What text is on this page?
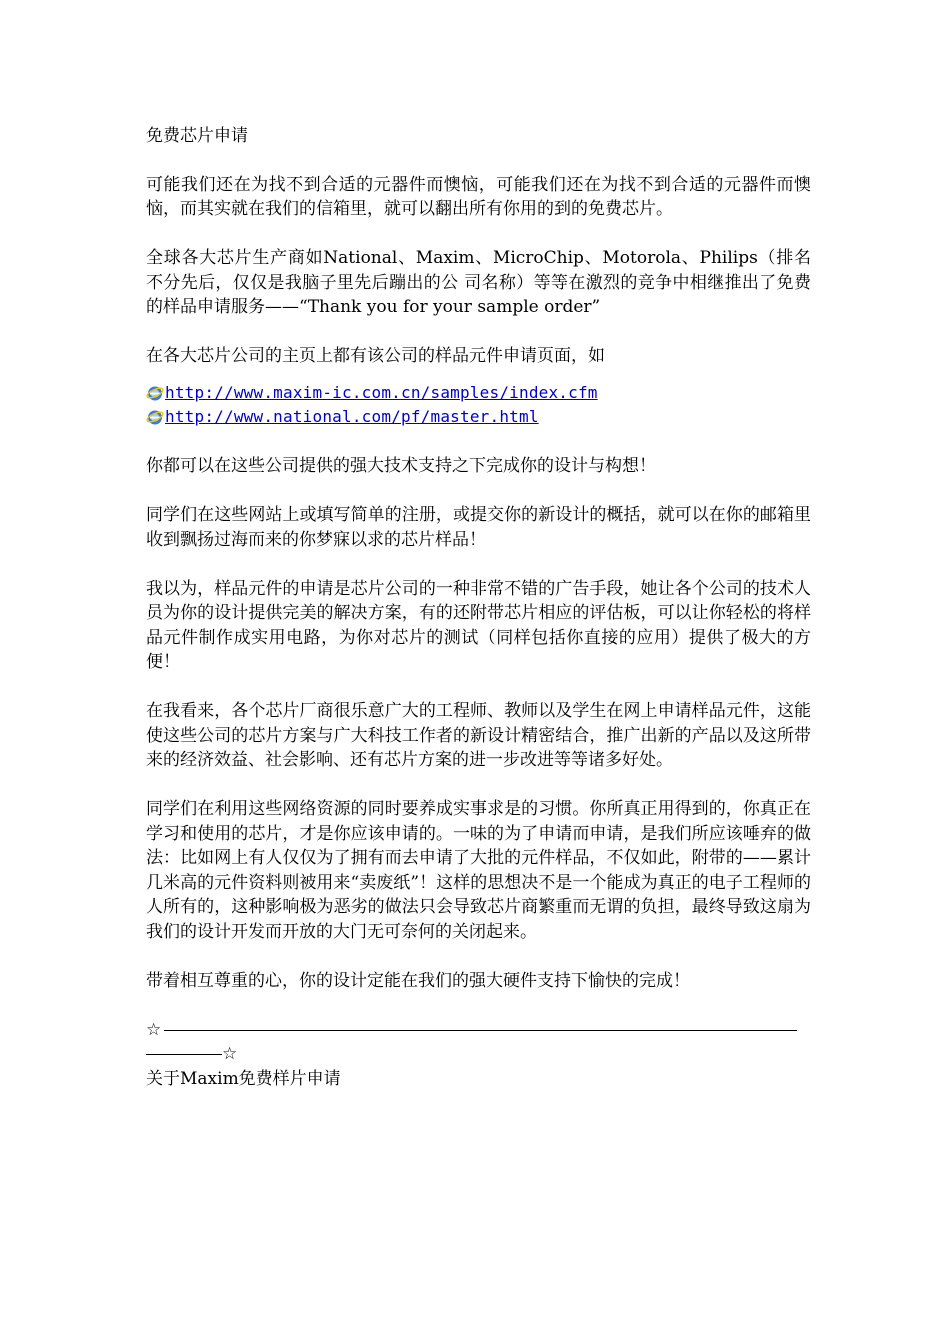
免费芯片申请

可能我们还在为找不到合适的元器件而懊恼，可能我们还在为找不到合适的元器件而懊恼，而其实就在我们的信箱里，就可以翻出所有你用的到的免费芯片。

全球各大芯片生产商如National、Maxim、MicroChip、Motorola、Philips（排名不分先后，仅仅是我脑子里先后蹦出的公 司名称）等等在激烈的竞争中相继推出了免费的样品申请服务——“Thank you for your sample order”

在各大芯片公司的主页上都有该公司的样品元件申请页面，如

http://www.maxim-ic.com.cn/samples/index.cfm
http://www.national.com/pf/master.html

你都可以在这些公司提供的强大技术支持之下完成你的设计与构想！

同学们在这些网站上或填写简单的注册，或提交你的新设计的概括，就可以在你的邮箱里收到飘扬过海而来的你梦寐以求的芯片样品！

我以为，样品元件的申请是芯片公司的一种非常不错的广告手段，她让各个公司的技术人员为你的设计提供完美的解决方案，有的还附带芯片相应的评估板，可以让你轻松的将样品元件制作成实用电路，为你对芯片的测试（同样包括你直接的应用）提供了极大的方便！

在我看来，各个芯片厂商很乐意广大的工程师、教师以及学生在网上申请样品元件，这能使这些公司的芯片方案与广大科技工作者的新设计精密结合，推广出新的产品以及这所带来的经济效益、社会影响、还有芯片方案的进一步改进等等诸多好处。

同学们在利用这些网络资源的同时要养成实事求是的习惯。你所真正用得到的，你真正在学习和使用的芯片，才是你应该申请的。一味的为了申请而申请，是我们所应该唾弃的做法：比如网上有人仅仅为了拥有而去申请了大批的元件样品，不仅如此，附带的——累计几米高的元件资料则被用来“卖废纸”！这样的思想决不是一个能成为真正的电子工程师的人所有的，这种影响极为恶劣的做法只会导致芯片商繁重而无谓的负担，最终导致这扇为我们的设计开发而开放的大门无可奈何的关闭起来。

带着相互尊重的心，你的设计定能在我们的强大硬件支持下愉快的完成！

☆
☆

关于Maxim免费样片申请
